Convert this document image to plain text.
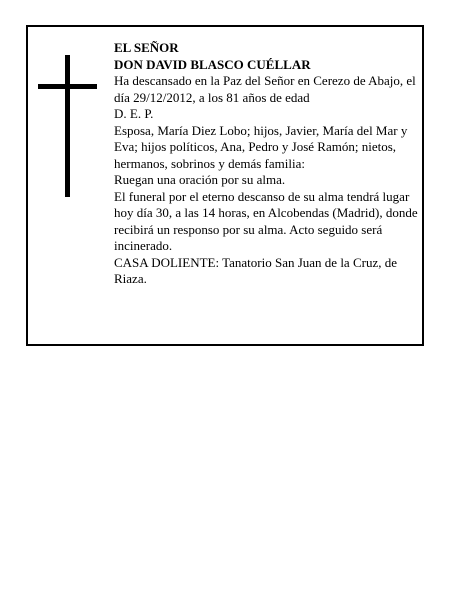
EL SEÑOR

DON DAVID BLASCO CUÉLLAR

Ha descansado en la Paz del Señor en Cerezo de Abajo, el día 29/12/2012, a los 81 años de edad

D. E. P.

Esposa, María Diez Lobo; hijos, Javier, María del Mar y Eva; hijos políticos, Ana, Pedro y José Ramón; nietos, hermanos, sobrinos y demás familia:

Ruegan una oración por su alma.

El funeral por el eterno descanso de su alma tendrá lugar hoy día 30, a las 14 horas, en Alcobendas (Madrid), donde recibirá un responso por su alma. Acto seguido será incinerado.

CASA DOLIENTE: Tanatorio San Juan de la Cruz, de Riaza.
